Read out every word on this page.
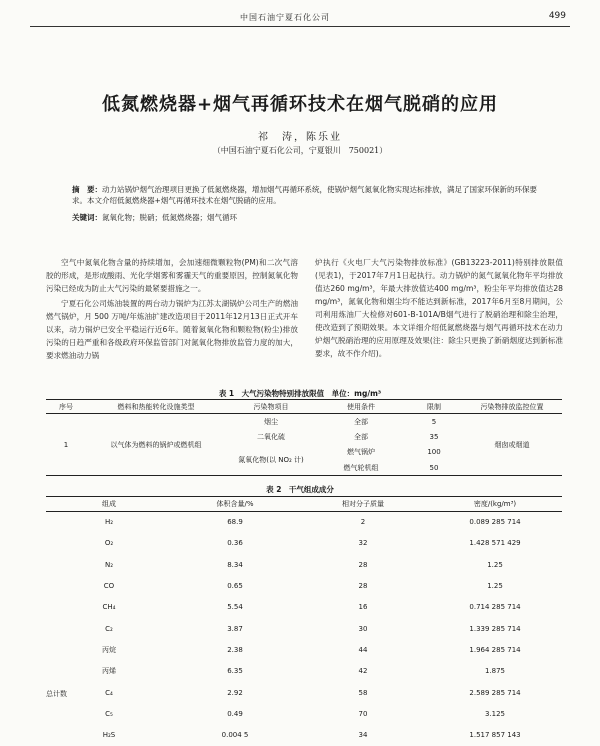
中国石油宁夏石化公司	499
低氮燃烧器+烟气再循环技术在烟气脱硝的应用
祁　涛，陈乐业
（中国石油宁夏石化公司，宁夏银川　750021）
摘　要：动力站锅炉烟气治理项目更换了低氮燃烧器，增加烟气再循环系统，使锅炉烟气氮氧化物实现达标排放，满足了国家环保新的环保要求。本文介绍低氮燃烧器+烟气再循环技术在烟气脱硝的应用。
关键词：氮氧化物；脱硝；低氮燃烧器；烟气循环

空气中氮氧化物含量的持续增加，会加速细微颗粒物(PM)和二次气溶胶的形成，是形成酸雨、光化学烟雾和雾霾天气的重要原因，控制氮氧化物污染已经成为防止大气污染的最紧要措施之一。

宁夏石化公司炼油装置的两台动力锅炉为江苏太湖锅炉公司生产的燃油燃气锅炉，月 500 万吨/年炼油扩建改造项目于2011年12月13日正式开车以来，动力锅炉已安全平稳运行近6年。随着氮氧化物和颗粒物(粉尘)排放污染的日趋严重和各级政府环保监管部门对氮氧化物排放监管力度的加大，要求燃油动力锅

炉执行《火电厂大气污染物排放标准》(GB13223-2011)特别排放限值(见表1)，于2017年7月1日起执行。动力锅炉的氮气氮氧化物年平均排放值达260 mg/m³，年最大排放值达400 mg/m³，粉尘年平均排放值达28 mg/m³，氮氧化物和烟尘均不能达到新标准，2017年6月至8月期间，公司利用炼油厂大检修对601-B-101A/B烟气进行了脱硝治理和除尘治理，使改造到了预期效果。本文详细介绍低氮燃烧器与烟气再循环技术在动力炉烟气脱硝治理的应用原理及效果(注：除尘只更换了新硝烟度达到新标准要求，故不作介绍)。

表 1　大气污染物特别排放限值　单位：mg/m³
序号	燃料和热能转化设施类型	污染物项目	使用条件	限制	污染物排放监控位置
1	以气体为燃料的锅炉或燃机组	烟尘	全部	5	烟囱或烟道
		二氧化硫	全部	35	
		氮氧化物(以 NO₂ 计)	燃气锅炉	100	
			燃气轮机组	50	
表 2　干气组成成分
组成	体积含量/%	相对分子质量	密度/(kg/m³)
H₂	68.9	2	0.089 285 714
O₂	0.36	32	1.428 571 429
N₂	8.34	28	1.25
CO	0.65	28	1.25
CH₄	5.54	16	0.714 285 714
C₂	3.87	30	1.339 285 714
丙烷	2.38	44	1.964 285 714
丙烯	6.35	42	1.875
C₄	2.92	58	2.589 285 714
C₅	0.49	70	3.125
H₂S	0.004 5	34	1.517 857 143
总计数
